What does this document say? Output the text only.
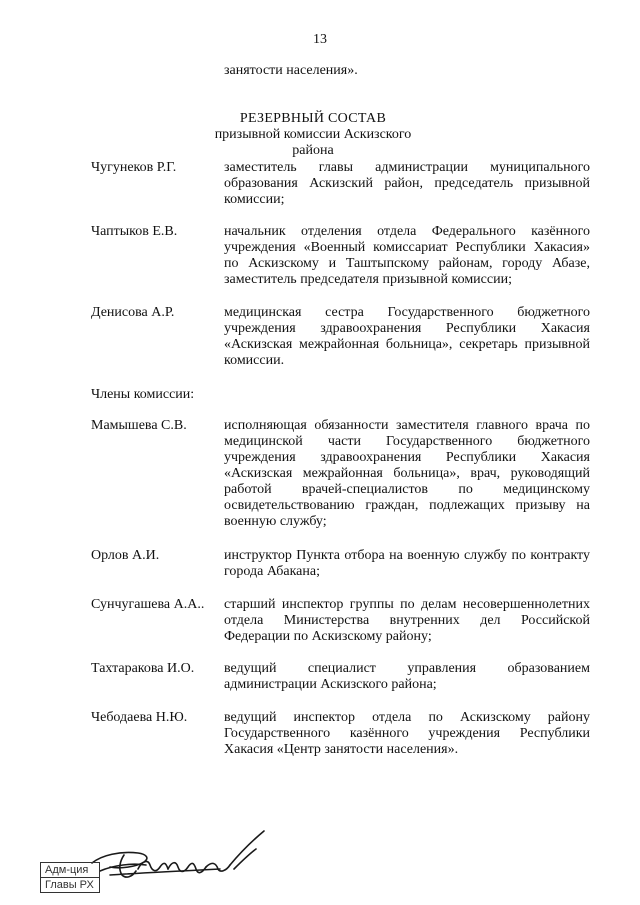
13
занятости населения».
РЕЗЕРВНЫЙ СОСТАВ
призывной комиссии Аскизского района
Чугунеков Р.Г.	заместитель главы администрации муниципального образования Аскизский район, председатель призывной комиссии;
Чаптыков Е.В.	начальник отделения отдела Федерального казённого учреждения «Военный комиссариат Республики Хакасия» по Аскизскому и Таштыпскому районам, городу Абазе, заместитель председателя призывной комиссии;
Денисова А.Р.	медицинская сестра Государственного бюджетного учреждения здравоохранения Республики Хакасия «Аскизская межрайонная больница», секретарь призывной комиссии.
Члены комиссии:
Мамышева С.В.	исполняющая обязанности заместителя главного врача по медицинской части Государственного бюджетного учреждения здравоохранения Республики Хакасия «Аскизская межрайонная больница», врач, руководящий работой врачей-специалистов по медицинскому освидетельствованию граждан, подлежащих призыву на военную службу;
Орлов А.И.	инструктор Пункта отбора на военную службу по контракту города Абакана;
Сунчугашева А.А.. старший инспектор группы по делам несовершеннолетних отдела Министерства внутренних дел Российской Федерации по Аскизскому району;
Тахтаракова И.О. ведущий специалист управления образованием администрации Аскизского района;
Чебодаева Н.Ю.	ведущий инспектор отдела по Аскизскому району Государственного казённого учреждения Республики Хакасия «Центр занятости населения».
Адм-ция
Главы РХ
